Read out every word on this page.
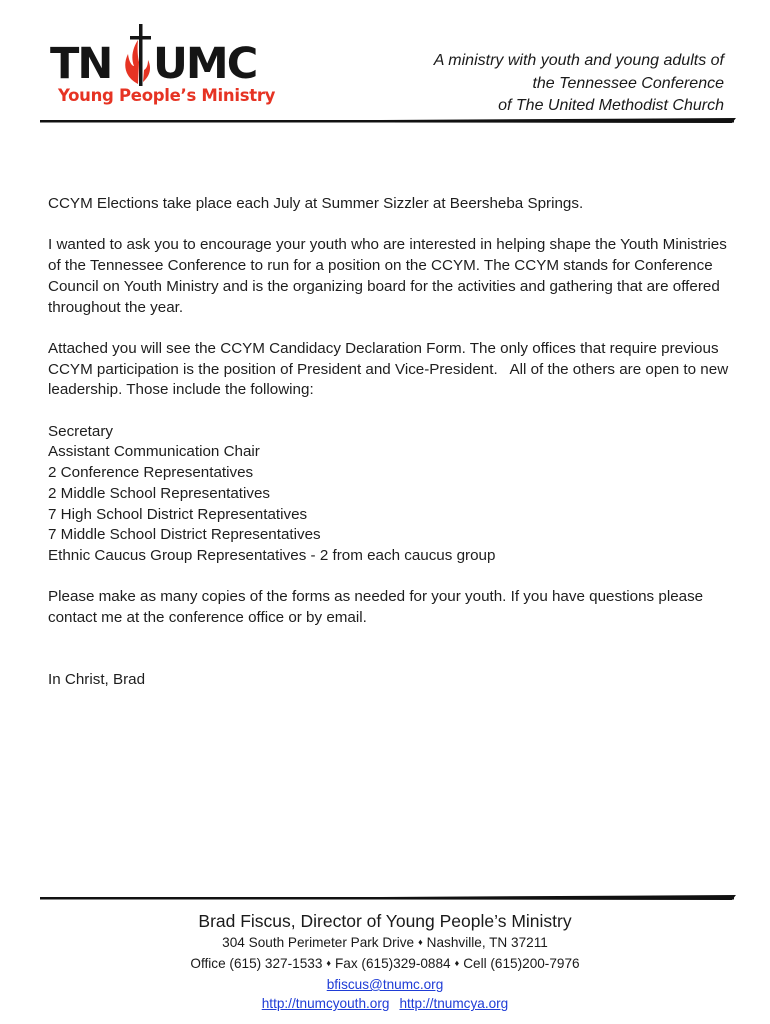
TN UMC
Young People’s Ministry
A ministry with youth and young adults of
the Tennessee Conference
of The United Methodist Church

CCYM Elections take place each July at Summer Sizzler at Beersheba Springs.

I wanted to ask you to encourage your youth who are interested in helping shape the Youth Ministries of the Tennessee Conference to run for a position on the CCYM. The CCYM stands for Conference Council on Youth Ministry and is the organizing board for the activities and gathering that are offered throughout the year.

Attached you will see the CCYM Candidacy Declaration Form. The only offices that require previous CCYM participation is the position of President and Vice-President.   All of the others are open to new leadership. Those include the following:

Secretary
Assistant Communication Chair
2 Conference Representatives
2 Middle School Representatives
7 High School District Representatives
7 Middle School District Representatives
Ethnic Caucus Group Representatives - 2 from each caucus group

Please make as many copies of the forms as needed for your youth. If you have questions please contact me at the conference office or by email.

In Christ, Brad

Brad Fiscus, Director of Young People’s Ministry
304 South Perimeter Park Drive ♦ Nashville, TN 37211
Office (615) 327-1533 ♦ Fax (615)329-0884 ♦ Cell (615)200-7976
bfiscus@tnumc.org
http://tnumcyouth.org http://tnumcya.org
